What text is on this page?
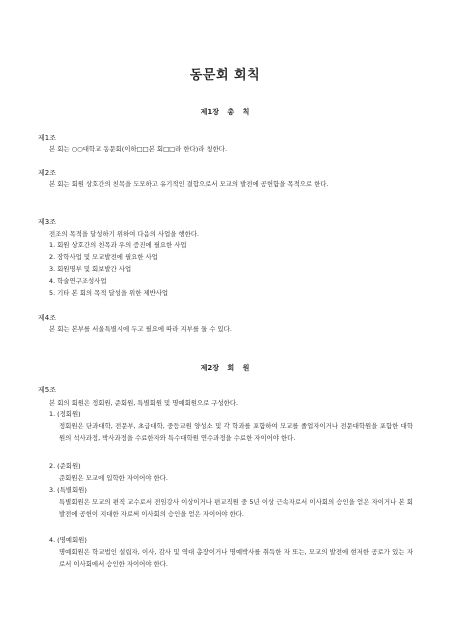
동문회 회칙
제1장 총 칙
제1조
본 회는 ○○대학교 동문회(이하□□본 회□□라 한다)라 칭한다.
제2조
본 회는 회원 상호간의 친목을 도모하고 유기적인 결합으로서 모교의 발전에 공헌함을 목적으로 한다.
제3조
전조의 목적을 달성하기 위하여 다음의 사업을 행한다.
1. 회원 상호간의 친목과 우의 증진에 필요한 사업
2. 장학사업 및 모교발전에 필요한 사업
3. 회원명부 및 회보발간 사업
4. 학술연구조성사업
5. 기타 본 회의 목적 달성을 위한 제반사업
제4조
본 회는 본부를 서울특별시에 두고 필요에 따라 지부를 둘 수 있다.
제2장 회 원
제5조
본 회의 회원은 정회원, 준회원, 특별회원 및 명예회원으로 구성한다.
1. (정회원)
정회원은 단과대학, 전문부, 초급대학, 중등교원 양성소 및 각 학과를 포함하여 모교를 졸업자이거나 전문대학원을 포함한 대학원의 석사과정, 박사과정을 수료한자와 특수대학원 연수과정을 수료한 자이어야 한다.
2. (준회원)
준회원은 모교에 입학한 자이어야 한다.
3. (특별회원)
특별회원은 모교의 편직 교수로서 전임강사 이상이거나 편교직원 중 5년 이상 근속자로서 이사회의 승인을 얻은 자이거나 본 회 발전에 공헌이 지대한 자로써 이사회의 승인을 얻은 자이어야 한다.
4. (명예회원)
명예회원은 학교법인 설립자, 이사, 감사 및 역대 총장이거나 명예박사를 취득한 자 또는, 모교의 발전에 현저한 공로가 있는 자로서 이사회에서 승인한 자이어야 한다.
